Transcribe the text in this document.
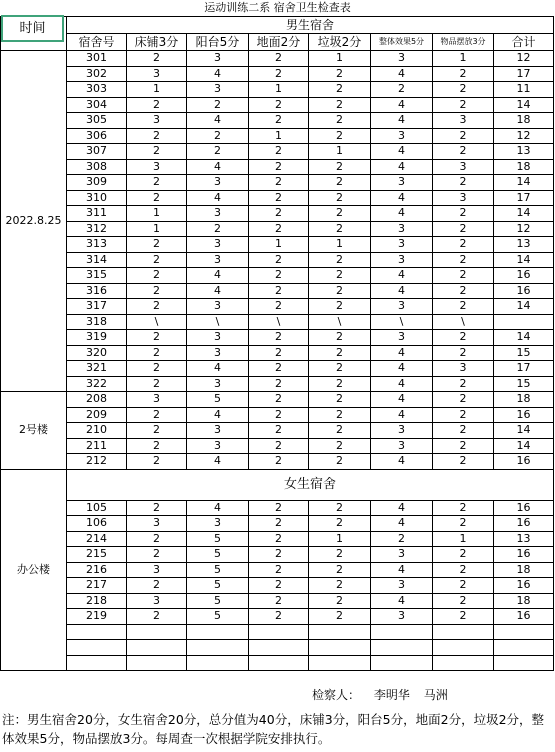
运动训练二系 宿舍卫生检查表
	男生宿舍							
	宿舍号	床铺3分	阳台5分	地面2分	垃圾2分	整体效果5分	物品摆放3分	合计
2022.8.25	301	2	3	2	1	3	1	12
	302	3	4	2	2	4	2	17
	303	1	3	1	2	2	2	11
	304	2	2	2	2	4	2	14
	305	3	4	2	2	4	3	18
	306	2	2	1	2	3	2	12
	307	2	2	2	1	4	2	13
	308	3	4	2	2	4	3	18
	309	2	3	2	2	3	2	14
	310	2	4	2	2	4	3	17
	311	1	3	2	2	4	2	14
	312	1	2	2	2	3	2	12
	313	2	3	1	1	3	2	13
	314	2	3	2	2	3	2	14
	315	2	4	2	2	4	2	16
	316	2	4	2	2	4	2	16
	317	2	3	2	2	3	2	14
	318	\	\	\	\	\	\	
	319	2	3	2	2	3	2	14
	320	2	3	2	2	4	2	15
	321	2	4	2	2	4	3	17
	322	2	3	2	2	4	2	15
2号楼	208	3	5	2	2	4	2	18
	209	2	4	2	2	4	2	16
	210	2	3	2	2	3	2	14
	211	2	3	2	2	3	2	14
	212	2	4	2	2	4	2	16
办公楼	女生宿舍							
	105	2	4	2	2	4	2	16
	106	3	3	2	2	4	2	16
	214	2	5	2	1	2	1	13
	215	2	5	2	2	3	2	16
	216	3	5	2	2	4	2	18
	217	2	5	2	2	3	2	16
	218	3	5	2	2	4	2	18
	219	2	5	2	2	3	2	16

时间
检察人： 李明华 马洲
注：男生宿舍20分，女生宿舍20分，总分值为40分，床铺3分，阳台5分，地面2分，垃圾2分，整体效果5分，物品摆放3分。每周查一次根据学院安排执行。
